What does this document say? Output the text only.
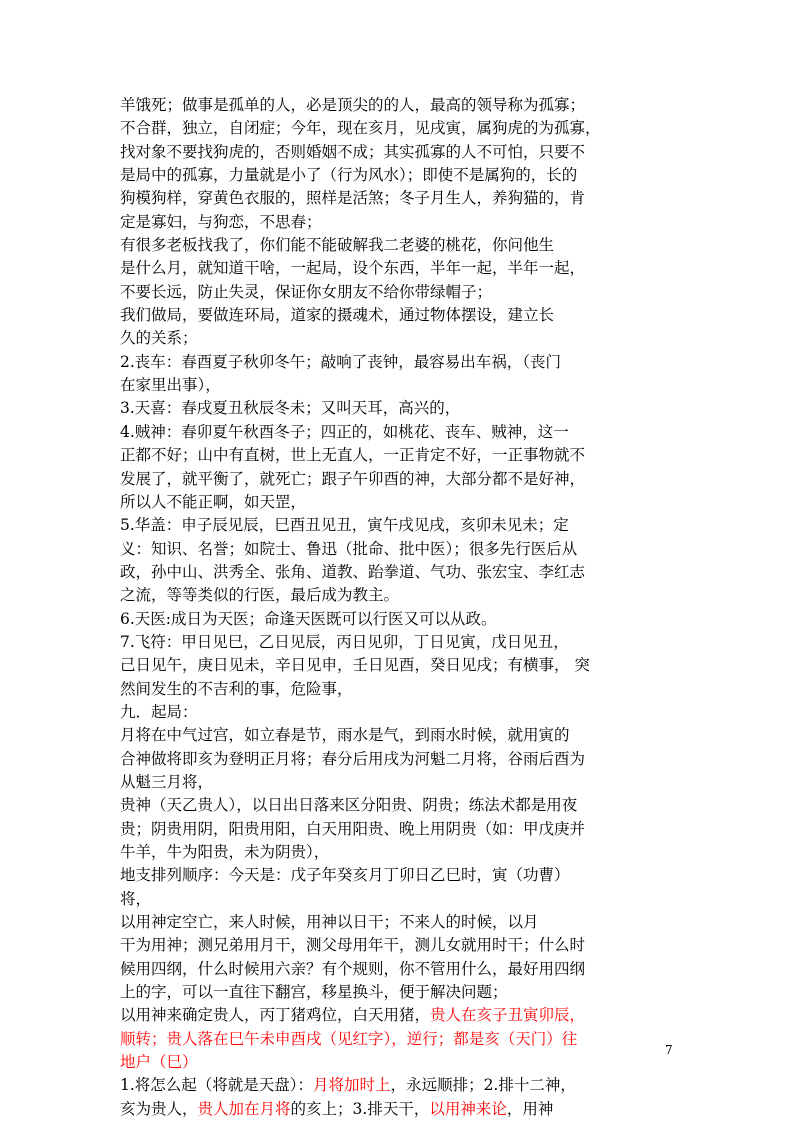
羊饿死；做事是孤单的人，必是顶尖的的人，最高的领导称为孤寡；
不合群，独立，自闭症；今年，现在亥月，见戌寅，属狗虎的为孤寡，
找对象不要找狗虎的，否则婚姻不成；其实孤寡的人不可怕，只要不
是局中的孤寡，力量就是小了（行为风水）；即使不是属狗的，长的
狗模狗样，穿黄色衣服的，照样是活煞；冬子月生人，养狗猫的，肯
定是寡妇，与狗恋，不思春；
有很多老板找我了，你们能不能破解我二老婆的桃花，你问他生
是什么月，就知道干啥，一起局，设个东西，半年一起，半年一起，
不要长远，防止失灵，保证你女朋友不给你带绿帽子；
我们做局，要做连环局，道家的摄魂术，通过物体摆设，建立长
久的关系；
2.丧车：春酉夏子秋卯冬午；敲响了丧钟，最容易出车祸，（丧门
在家里出事），
3.天喜：春戌夏丑秋辰冬未；又叫天耳，高兴的，
4.贼神：春卯夏午秋酉冬子；四正的，如桃花、丧车、贼神，这一
正都不好；山中有直树，世上无直人，一正肯定不好，一正事物就不
发展了，就平衡了，就死亡；跟子午卯酉的神，大部分都不是好神，
所以人不能正啊，如天罡，
5.华盖：申子辰见辰，巳酉丑见丑，寅午戌见戌，亥卯未见未；定
义：知识、名誉；如院士、鲁迅（批命、批中医）；很多先行医后从
政，孙中山、洪秀全、张角、道教、跆拳道、气功、张宏宝、李红志
之流，等等类似的行医，最后成为教主。
6.天医:成日为天医；命逢天医既可以行医又可以从政。
7.飞符：甲日见巳，乙日见辰，丙日见卯，丁日见寅，戊日见丑，
己日见午，庚日见未，辛日见申，壬日见酉，癸日见戌；有横事， 突
然间发生的不吉利的事，危险事，
九．起局：
月将在中气过宫，如立春是节，雨水是气，到雨水时候，就用寅的
合神做将即亥为登明正月将；春分后用戌为河魁二月将，谷雨后酉为
从魁三月将，
贵神（天乙贵人），以日出日落来区分阳贵、阴贵；练法术都是用夜
贵；阴贵用阴，阳贵用阳，白天用阳贵、晚上用阴贵（如：甲戊庚并
牛羊，牛为阳贵，未为阴贵），
地支排列顺序：今天是：戊子年癸亥月丁卯日乙巳时，寅（功曹）
将，
以用神定空亡，来人时候，用神以日干；不来人的时候，以月
干为用神；测兄弟用月干，测父母用年干，测儿女就用时干；什么时
候用四纲，什么时候用六亲？有个规则，你不管用什么，最好用四纲
上的字，可以一直往下翻宫，移星换斗，便于解决问题；
以用神来确定贵人，丙丁猪鸡位，白天用猪，贵人在亥子丑寅卯辰，
顺转；贵人落在巳午未申酉戌（见红字），逆行；都是亥（天门）往
地户（巳）
1.将怎么起（将就是天盘）：月将加时上，永远顺排；2.排十二神，
亥为贵人，贵人加在月将的亥上；3.排天干，以用神来论，用神
7
